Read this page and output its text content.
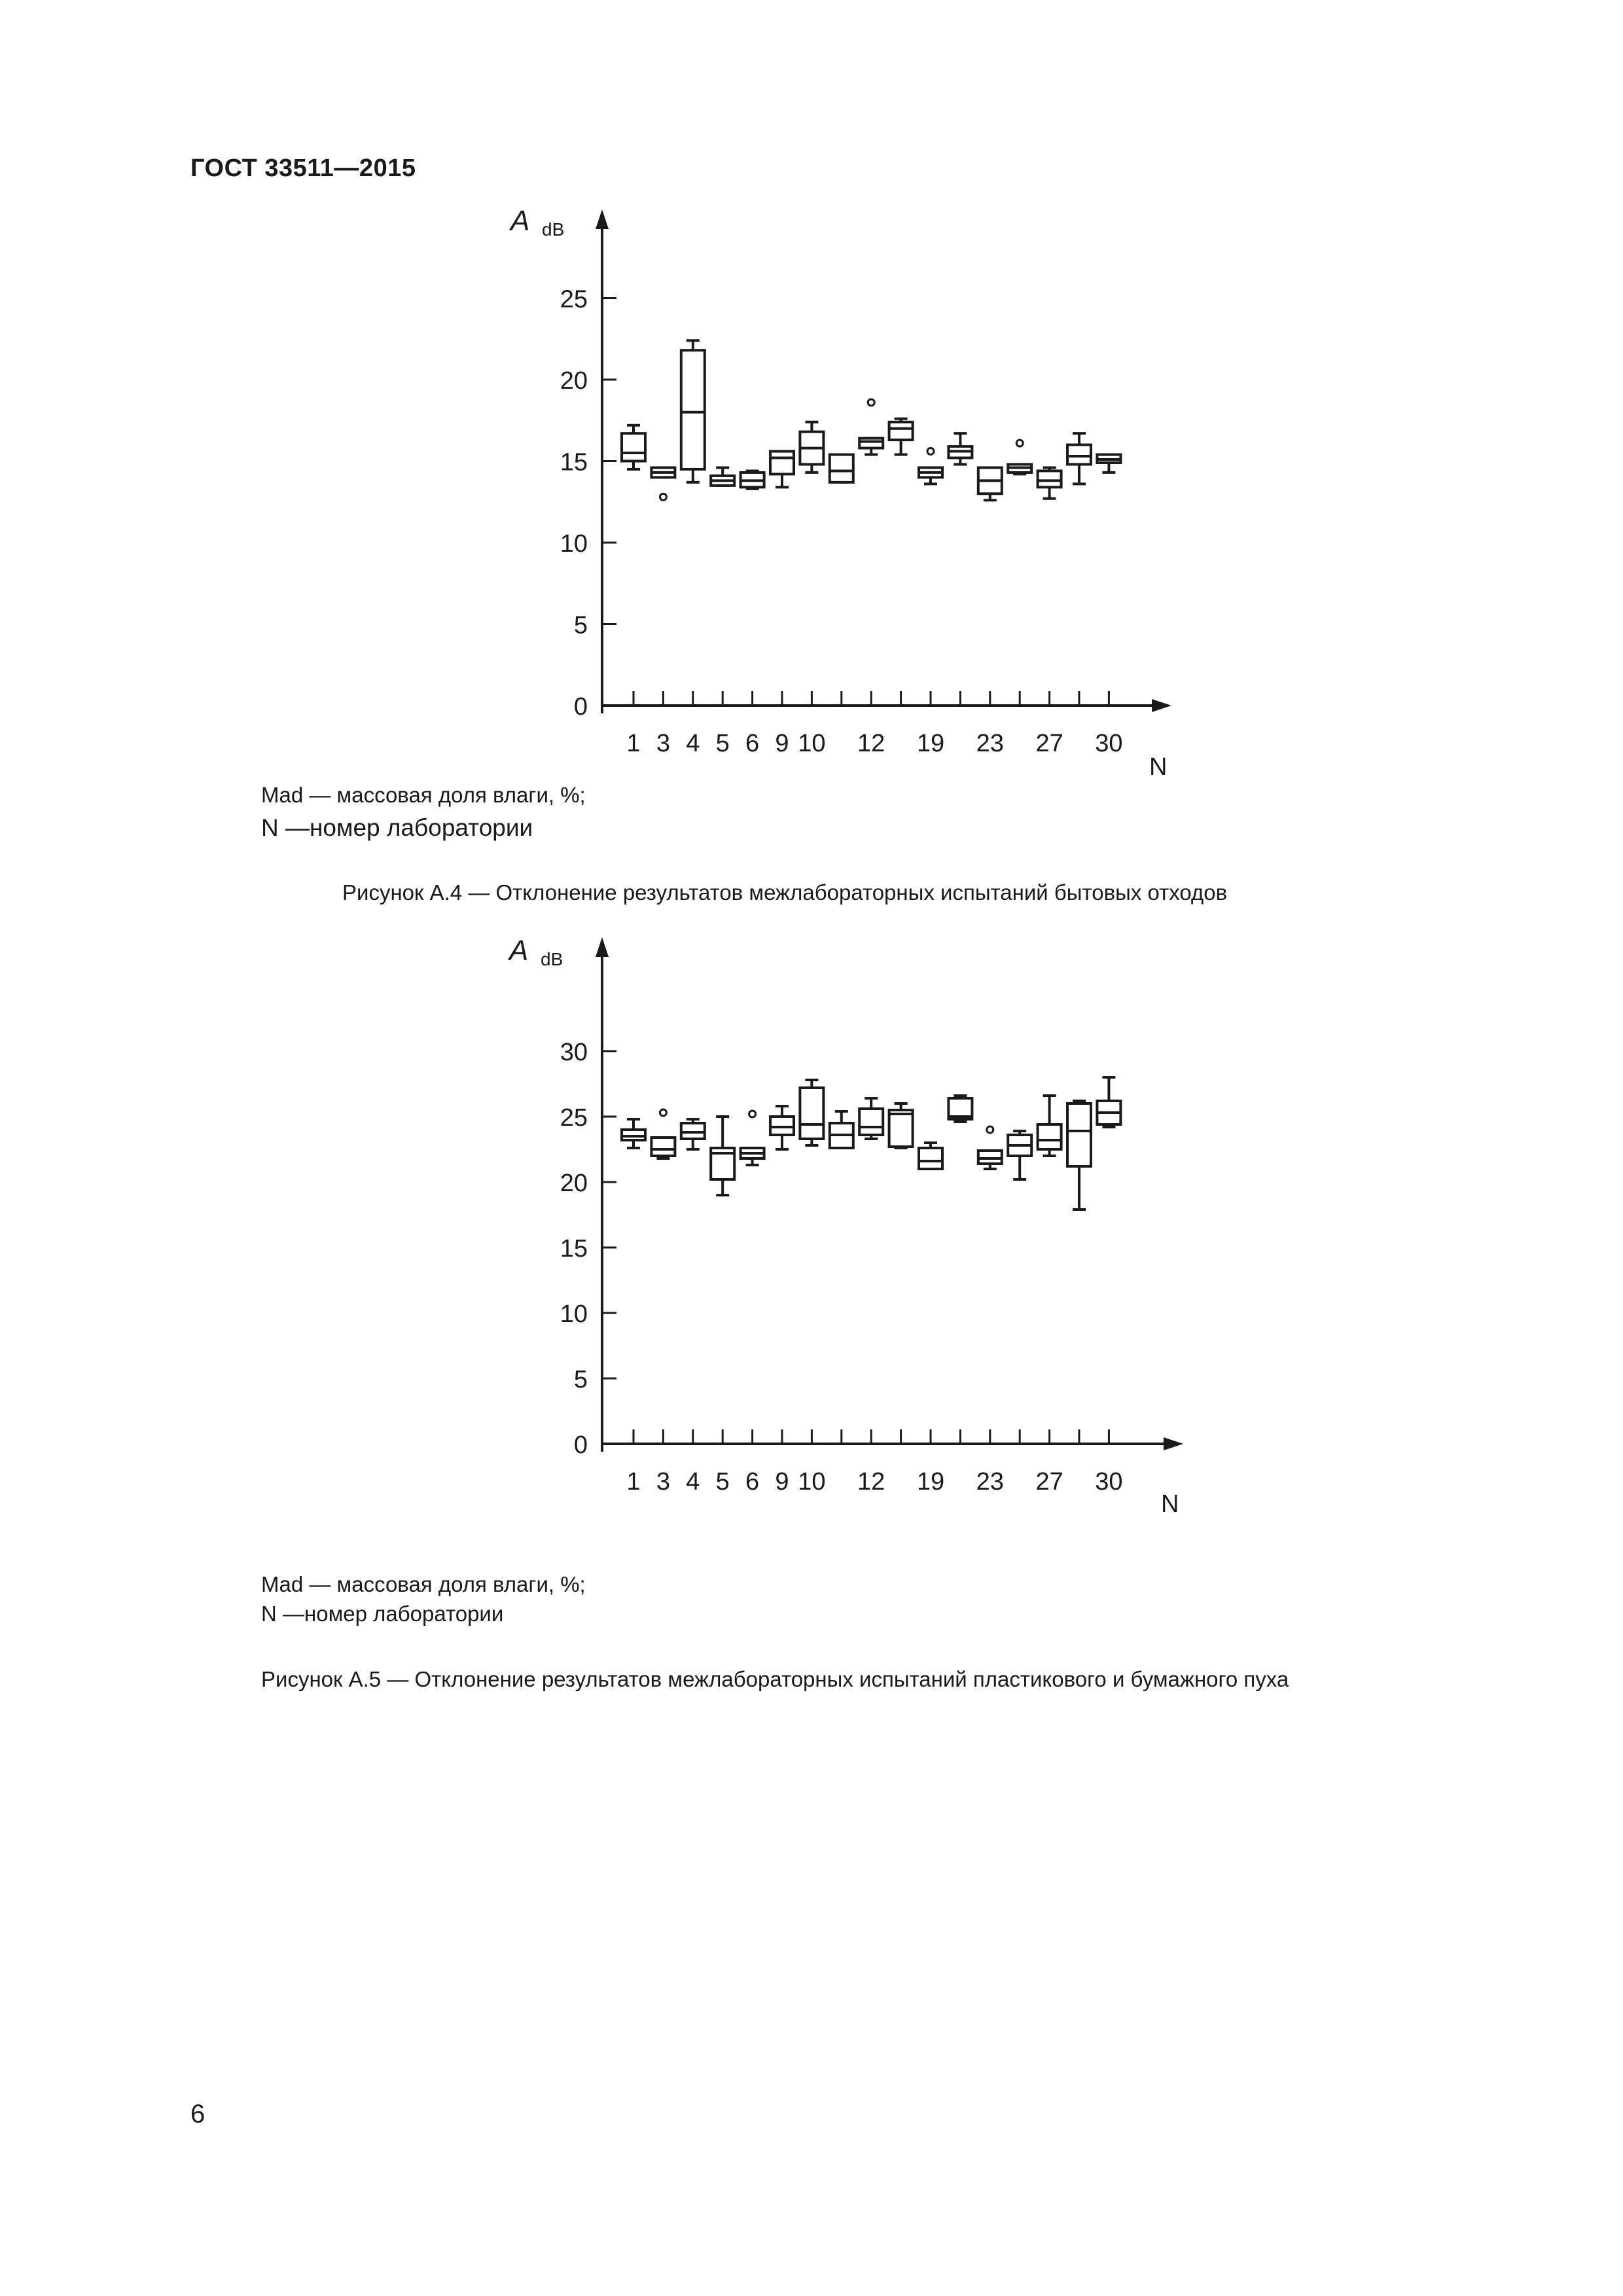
ГОСТ 33511—2015
A dB
N
0
5
10
15
20
25
1 3 4 5 6 9 10 12 19 23 27 30
Mad — массовая доля влаги, %;
N —номер лаборатории
Рисунок А.4 — Отклонение результатов межлабораторных испытаний бытовых отходов
A dB
N
0
5
10
15
20
25
30
1 3 4 5 6 9 10 12 19 23 27 30
Mad — массовая доля влаги, %;
N —номер лаборатории
Рисунок А.5 — Отклонение результатов межлабораторных испытаний пластикового и бумажного пуха
6
